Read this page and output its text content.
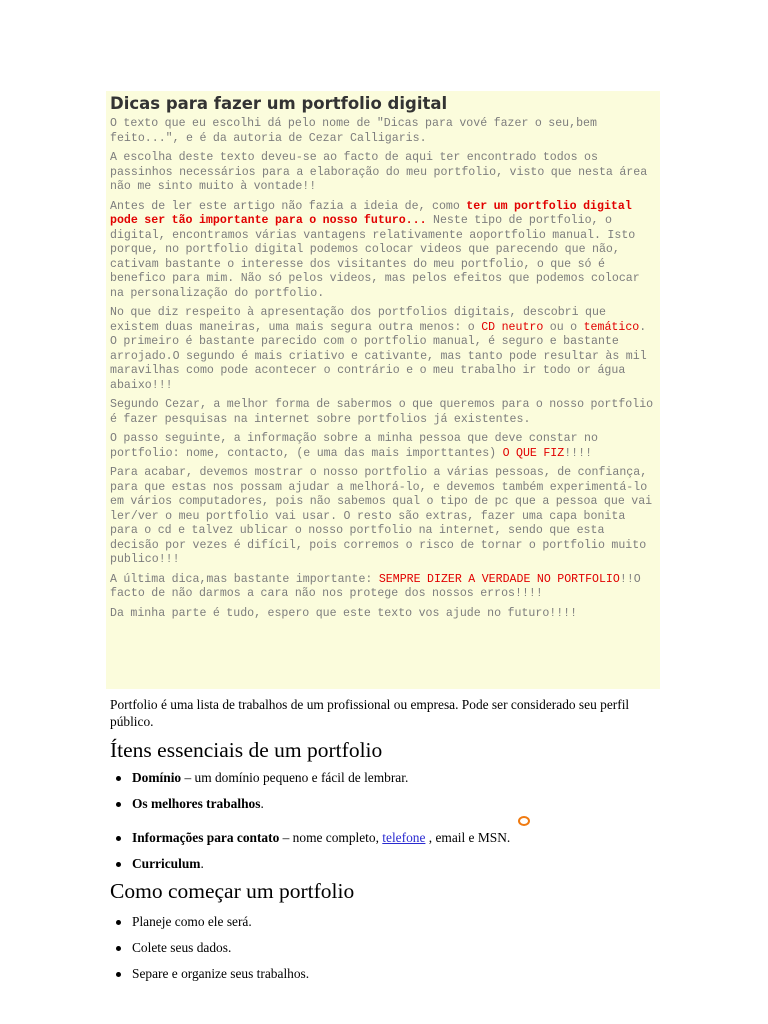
Dicas para fazer um portfolio digital

O texto que eu escolhi dá pelo nome de "Dicas para vové fazer o seu,bem feito...", e é da autoria de Cezar Calligaris.

A escolha deste texto deveu-se ao facto de aqui ter encontrado todos os passinhos necessários para a elaboração do meu portfolio, visto que nesta área não me sinto muito à vontade!!

Antes de ler este artigo não fazia a ideia de, como ter um portfolio digital pode ser tão importante para o nosso futuro... Neste tipo de portfolio, o digital, encontramos várias vantagens relativamente aoportfolio manual. Isto porque, no portfolio digital podemos colocar videos que parecendo que não, cativam bastante o interesse dos visitantes do meu portfolio, o que só é benefico para mim. Não só pelos videos, mas pelos efeitos que podemos colocar na personalização do portfolio.

No que diz respeito à apresentação dos portfolios digitais, descobri que existem duas maneiras, uma mais segura outra menos: o CD neutro ou o temático. O primeiro é bastante parecido com o portfolio manual, é seguro e bastante arrojado.O segundo é mais criativo e cativante, mas tanto pode resultar às mil maravilhas como pode acontecer o contrário e o meu trabalho ir todo or água abaixo!!!

Segundo Cezar, a melhor forma de sabermos o que queremos para o nosso portfolio é fazer pesquisas na internet sobre portfolios já existentes.

O passo seguinte, a informação sobre a minha pessoa que deve constar no portfolio: nome, contacto, (e uma das mais importtantes) O QUE FIZ!!!!

Para acabar, devemos mostrar o nosso portfolio a várias pessoas, de confiança, para que estas nos possam ajudar a melhorá-lo, e devemos também experimentá-lo em vários computadores, pois não sabemos qual o tipo de pc que a pessoa que vai ler/ver o meu portfolio vai usar. O resto são extras, fazer uma capa bonita para o cd e talvez ublicar o nosso portfolio na internet, sendo que esta decisão por vezes é difícil, pois corremos o risco de tornar o portfolio muito publico!!!

A última dica,mas bastante importante: SEMPRE DIZER A VERDADE NO PORTFOLIO!!O facto de não darmos a cara não nos protege dos nossos erros!!!!

Da minha parte é tudo, espero que este texto vos ajude no futuro!!!!

Portfolio é uma lista de trabalhos de um profissional ou empresa. Pode ser considerado seu perfil público.

Ítens essenciais de um portfolio
Domínio – um domínio pequeno e fácil de lembrar.
Os melhores trabalhos.
Informações para contato – nome completo, telefone
, email e MSN.
Curriculum.
Como começar um portfolio
Planeje como ele será.
Colete seus dados.
Separe e organize seus trabalhos.
